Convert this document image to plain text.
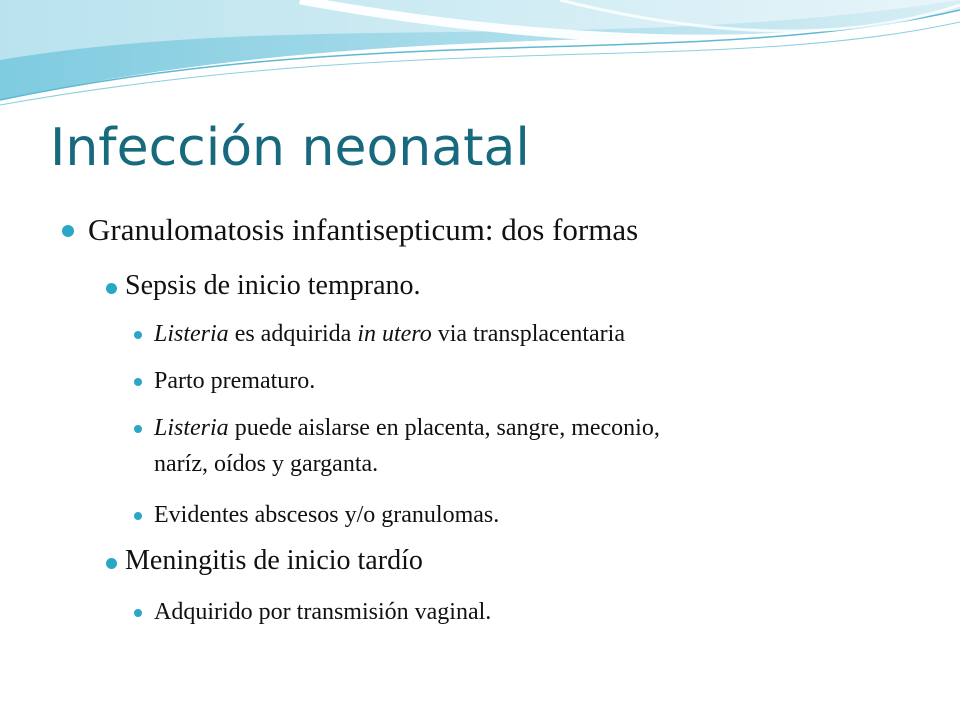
Infección neonatal

Granulomatosis infantisepticum: dos formas

Sepsis de inicio temprano.

Listeria es adquirida in utero via transplacentaria

Parto prematuro.

Listeria puede aislarse en placenta, sangre, meconio,
naríz, oídos y garganta.

Evidentes abscesos y/o granulomas.

Meningitis de inicio tardío

Adquirido por transmisión vaginal.
